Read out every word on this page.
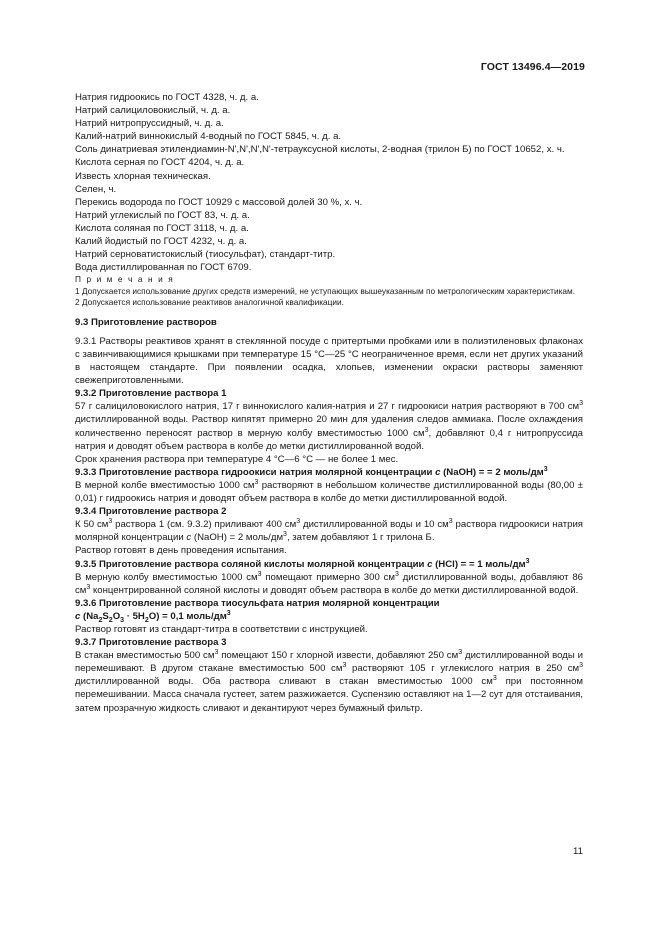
ГОСТ 13496.4—2019

Натрия гидроокись по ГОСТ 4328, ч. д. а.

Натрий салициловокислый, ч. д. а.

Натрий нитропруссидный, ч. д. а.

Калий-натрий виннокислый 4-водный по ГОСТ 5845, ч. д. а.

Соль динатриевая этилендиамин-N',N',N',N'-тетрауксусной кислоты, 2-водная (трилон Б) по ГОСТ 10652, х. ч.

Кислота серная по ГОСТ 4204, ч. д. а.

Известь хлорная техническая.

Селен, ч.

Перекись водорода по ГОСТ 10929 с массовой долей 30 %, х. ч.

Натрий углекислый по ГОСТ 83, ч. д. а.

Кислота соляная по ГОСТ 3118, ч. д. а.

Калий йодистый по ГОСТ 4232, ч. д. а.

Натрий серноватистокислый (тиосульфат), стандарт-титр.

Вода дистиллированная по ГОСТ 6709.

П р и м е ч а н и я

1 Допускается использование других средств измерений, не уступающих вышеуказанным по метрологическим характеристикам.

2 Допускается использование реактивов аналогичной квалификации.

9.3 Приготовление растворов

9.3.1 Растворы реактивов хранят в стеклянной посуде с притертыми пробками или в полиэтиленовых флаконах с завинчивающимися крышками при температуре 15 °С—25 °С неограниченное время, если нет других указаний в настоящем стандарте. При появлении осадка, хлопьев, изменении окраски растворы заменяют свежеприготовленными.

9.3.2 Приготовление раствора 1

57 г салициловокислого натрия, 17 г виннокислого калия-натрия и 27 г гидроокиси натрия растворяют в 700 $см^3$ дистиллированной воды. Раствор кипятят примерно 20 мин для удаления следов аммиака. После охлаждения количественно переносят раствор в мерную колбу вместимостью 1000 $см^3$, добавляют 0,4 г нитропруссида натрия и доводят объем раствора в колбе до метки дистиллированной водой.

Срок хранения раствора при температуре 4 °С—6 °С — не более 1 мес.

9.3.3 Приготовление раствора гидроокиси натрия молярной концентрации c (NaOH) = = 2 моль/$дм^3$

В мерной колбе вместимостью 1000 $см^3$ растворяют в небольшом количестве дистиллированной воды (80,00 ± 0,01) г гидроокись натрия и доводят объем раствора в колбе до метки дистиллированной водой.

9.3.4 Приготовление раствора 2

К 50 $см^3$ раствора 1 (см. 9.3.2) приливают 400 $см^3$ дистиллированной воды и 10 $см^3$ раствора гидроокиси натрия молярной концентрации c (NaOH) = 2 моль/$дм^3$, затем добавляют 1 г трилона Б.

Раствор готовят в день проведения испытания.

9.3.5 Приготовление раствора соляной кислоты молярной концентрации c (HCl) = = 1 моль/$дм^3$

В мерную колбу вместимостью 1000 $см^3$ помещают примерно 300 $см^3$ дистиллированной воды, добавляют 86 $см^3$ концентрированной соляной кислоты и доводят объем раствора в колбе до метки дистиллированной водой.

9.3.6 Приготовление раствора тиосульфата натрия молярной концентрации
c $(Na_2S_2O_3 \cdot 5H_2O) = 0,1$ моль/$дм^3$

Раствор готовят из стандарт-титра в соответствии с инструкцией.

9.3.7 Приготовление раствора 3

В стакан вместимостью 500 $см^3$ помещают 150 г хлорной извести, добавляют 250 $см^3$ дистиллированной воды и перемешивают. В другом стакане вместимостью 500 $см^3$ растворяют 105 г углекислого натрия в 250 $см^3$ дистиллированной воды. Оба раствора сливают в стакан вместимостью 1000 $см^3$ при постоянном перемешивании. Масса сначала густеет, затем разжижается. Суспензию оставляют на 1—2 сут для отстаивания, затем прозрачную жидкость сливают и декантируют через бумажный фильтр.

11
